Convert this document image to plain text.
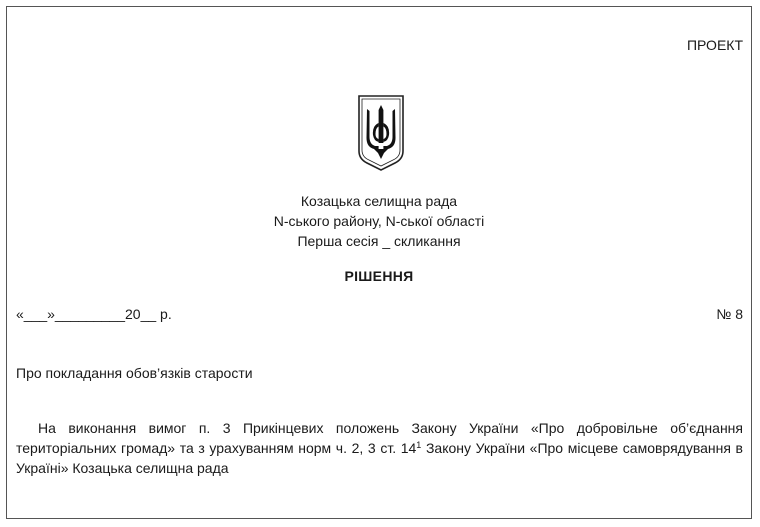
ПРОЕКТ
Козацька селищна рада
N-ського району, N-ської області
Перша сесія _ скликання
РІШЕННЯ
«___»_________20__ р.	№ 8
Про покладання обов’язків старости

На виконання вимог п. 3 Прикінцевих положень Закону України «Про добровільне об’єднання територіальних громад» та з урахуванням норм ч. 2, 3 ст. $14^1$ Закону України «Про місцеве самоврядування в Україні» Козацька селищна рада
